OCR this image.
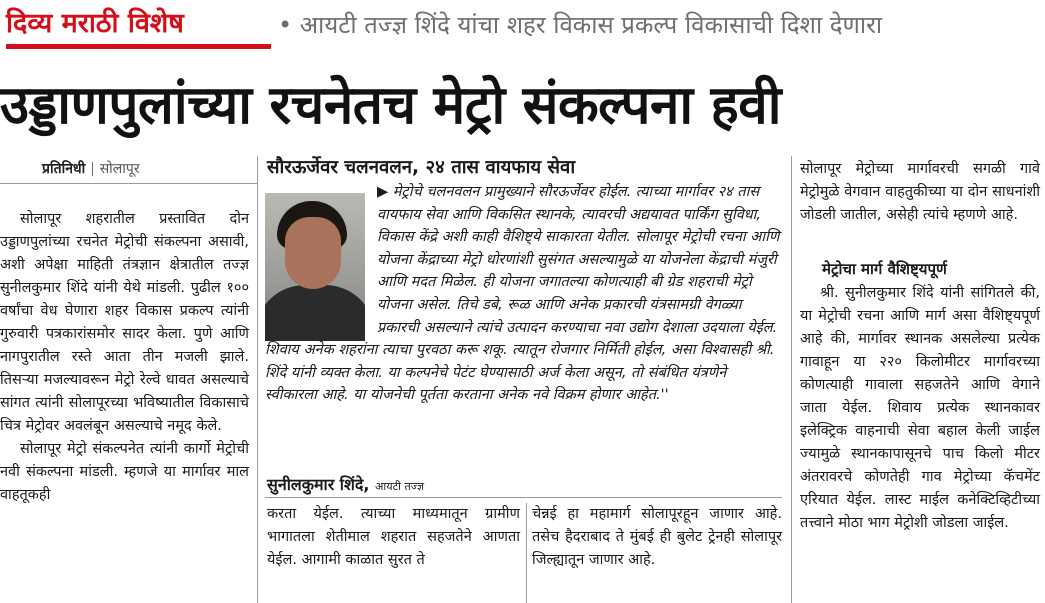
दिव्य मराठी विशेष	• आयटी तज्ज्ञ शिंदे यांचा शहर विकास प्रकल्प विकासाची दिशा देणारा
उड्डाणपुलांच्या रचनेतच मेट्रो संकल्पना हवी
प्रतिनिधी | सोलापूर

सोलापूर शहरातील प्रस्तावित दोन उड्डाणपुलांच्या रचनेत मेट्रोची संकल्पना असावी, अशी अपेक्षा माहिती तंत्रज्ञान क्षेत्रातील तज्ज्ञ सुनीलकुमार शिंदे यांनी येथे मांडली. पुढील १०० वर्षांचा वेध घेणारा शहर विकास प्रकल्प त्यांनी गुरुवारी पत्रकारांसमोर सादर केला. पुणे आणि नागपुरातील रस्ते आता तीन मजली झाले. तिसऱ्या मजल्यावरून मेट्रो रेल्वे धावत असल्याचे सांगत त्यांनी सोलापूरच्या भविष्यातील विकासाचे चित्र मेट्रोवर अवलंबून असल्याचे नमूद केले.

सोलापूर मेट्रो संकल्पनेत त्यांनी कार्गो मेट्रोची नवी संकल्पना मांडली. म्हणजे या मार्गावर माल वाहतूकही

सौरऊर्जेवर चलनवलन, २४ तास वायफाय सेवा
▶ मेट्रोचे चलनवलन प्रामुख्याने सौरऊर्जेवर होईल. त्याच्या मार्गावर २४ तास वायफाय सेवा आणि विकसित स्थानके, त्यावरची अद्ययावत पार्किंग सुविधा, विकास केंद्रे अशी काही वैशिष्ट्ये साकारता येतील. सोलापूर मेट्रोची रचना आणि योजना केंद्राच्या मेट्रो धोरणांशी सुसंगत असल्यामुळे या योजनेला केंद्राची मंजुरी आणि मदत मिळेल. ही योजना जगातल्या कोणत्याही बी ग्रेड शहराची मेट्रो योजना असेल. तिचे डबे, रूळ आणि अनेक प्रकारची यंत्रसामग्री वेगळ्या प्रकारची असल्याने त्यांचे उत्पादन करण्याचा नवा उद्योग देशाला उदयाला येईल. शिवाय अनेक शहरांना त्याचा पुरवठा करू शकू. त्यातून रोजगार निर्मिती होईल, असा विश्वासही श्री. शिंदे यांनी व्यक्त केला. या कल्पनेचे पेटंट घेण्यासाठी अर्ज केला असून, तो संबंधित यंत्रणेने स्वीकारला आहे. या योजनेची पूर्तता करताना अनेक नवे विक्रम होणार आहेत.''
सुनीलकुमार शिंदे, आयटी तज्ज्ञ
करता येईल. त्याच्या माध्यमातून ग्रामीण भागातला शेतीमाल शहरात सहजतेने आणता येईल. आगामी काळात सुरत ते
चेन्नई हा महामार्ग सोलापूरहून जाणार आहे. तसेच हैदराबाद ते मुंबई ही बुलेट ट्रेनही सोलापूर जिल्ह्यातून जाणार आहे.

सोलापूर मेट्रोच्या मार्गावरची सगळी गावे मेट्रोमुळे वेगवान वाहतुकीच्या या दोन साधनांशी जोडली जातील, असेही त्यांचे म्हणणे आहे.

मेट्रोचा मार्ग वैशिष्ट्यपूर्ण

श्री. सुनीलकुमार शिंदे यांनी सांगितले की, या मेट्रोची रचना आणि मार्ग असा वैशिष्ट्यपूर्ण आहे की, मार्गावर स्थानक असलेल्या प्रत्येक गावाहून या २२० किलोमीटर मार्गावरच्या कोणत्याही गावाला सहजतेने आणि वेगाने जाता येईल. शिवाय प्रत्येक स्थानकावर इलेक्ट्रिक वाहनाची सेवा बहाल केली जाईल ज्यामुळे स्थानकापासूनचे पाच किलो मीटर अंतरावरचे कोणतेही गाव मेट्रोच्या कॅचमेंट एरियात येईल. लास्ट माईल कनेक्टिव्हिटीच्या तत्त्वाने मोठा भाग मेट्रोशी जोडला जाईल.
